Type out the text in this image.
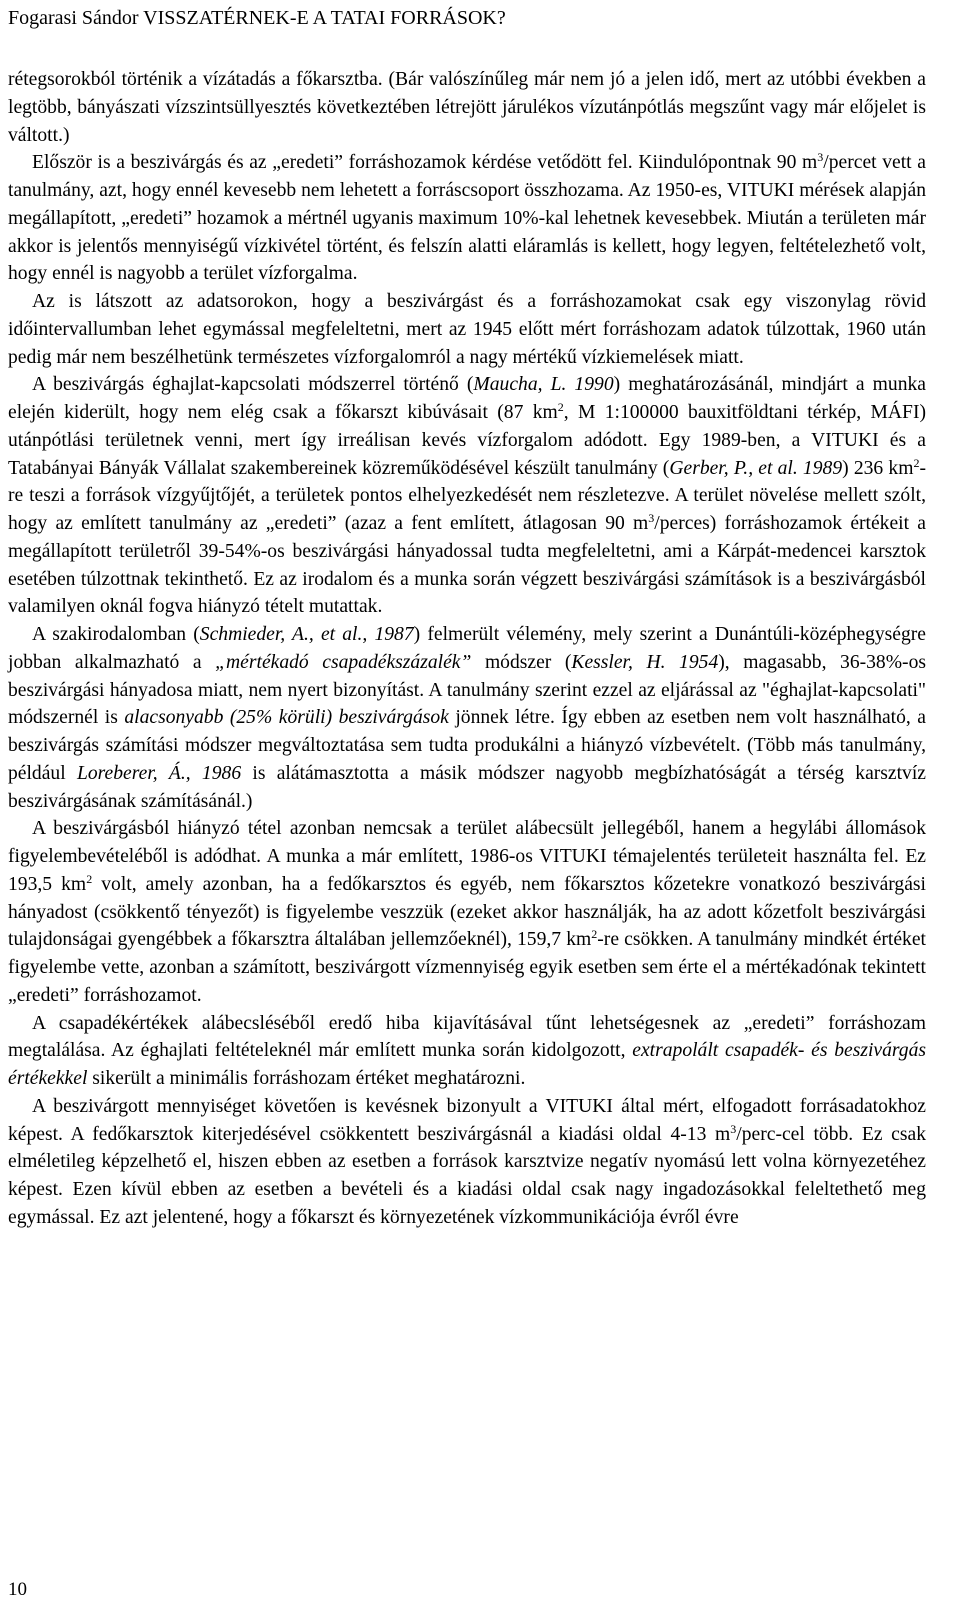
Fogarasi Sándor VISSZATÉRNEK-E A TATAI FORRÁSOK?

rétegsorokból történik a vízátadás a főkarsztba. (Bár valószínűleg már nem jó a jelen idő, mert az utóbbi években a legtöbb, bányászati vízszintsüllyesztés következtében létrejött járulékos vízutánpótlás megszűnt vagy már előjelet is váltott.)

Először is a beszivárgás és az „eredeti” forráshozamok kérdése vetődött fel. Kiindulópontnak 90 $m^3$/percet vett a tanulmány, azt, hogy ennél kevesebb nem lehetett a forráscsoport összhozama. Az 1950-es, VITUKI mérések alapján megállapított, „eredeti” hozamok a mértnél ugyanis maximum 10%-kal lehetnek kevesebbek. Miután a területen már akkor is jelentős mennyiségű vízkivétel történt, és felszín alatti eláramlás is kellett, hogy legyen, feltételezhető volt, hogy ennél is nagyobb a terület vízforgalma.

Az is látszott az adatsorokon, hogy a beszivárgást és a forráshozamokat csak egy viszonylag rövid időintervallumban lehet egymással megfeleltetni, mert az 1945 előtt mért forráshozam adatok túlzottak, 1960 után pedig már nem beszélhetünk természetes vízforgalomról a nagy mértékű vízkiemelések miatt.

A beszivárgás éghajlat-kapcsolati módszerrel történő (Maucha, L. 1990) meghatározásánál, mindjárt a munka elején kiderült, hogy nem elég csak a főkarszt kibúvásait (87 $km^2$, M 1:100000 bauxitföldtani térkép, MÁFI) utánpótlási területnek venni, mert így irreálisan kevés vízforgalom adódott. Egy 1989-ben, a VITUKI és a Tatabányai Bányák Vállalat szakembereinek közreműködésével készült tanulmány (Gerber, P., et al. 1989) 236 $km^2-re$ teszi a források vízgyűjtőjét, a területek pontos elhelyezkedését nem részletezve. A terület növelése mellett szólt, hogy az említett tanulmány az „eredeti” (azaz a fent említett, átlagosan 90 $m^3/perces$) forráshozamok értékeit a megállapított területről 39-54%-os beszivárgási hányadossal tudta megfeleltetni, ami a Kárpát-medencei karsztok esetében túlzottnak tekinthető. Ez az irodalom és a munka során végzett beszivárgási számítások is a beszivárgásból valamilyen oknál fogva hiányzó tételt mutattak.

A szakirodalomban (Schmieder, A., et al., 1987) felmerült vélemény, mely szerint a Dunántúli-középhegységre jobban alkalmazható a „mértékadó csapadékszázalék” módszer (Kessler, H. 1954), magasabb, 36-38%-os beszivárgási hányadosa miatt, nem nyert bizonyítást. A tanulmány szerint ezzel az eljárással az "éghajlat-kapcsolati" módszernél is alacsonyabb (25% körüli) beszivárgások jönnek létre. Így ebben az esetben nem volt használható, a beszivárgás számítási módszer megváltoztatása sem tudta produkálni a hiányzó vízbevételt. (Több más tanulmány, például Loreberer, Á., 1986 is alátámasztotta a másik módszer nagyobb megbízhatóságát a térség karsztvíz beszivárgásának számításánál.)

A beszivárgásból hiányzó tétel azonban nemcsak a terület alábecsült jellegéből, hanem a hegylábi állomások figyelembevételéből is adódhat. A munka a már említett, 1986-os VITUKI témajelentés területeit használta fel. Ez 193,5 $km^2$ volt, amely azonban, ha a fedőkarsztos és egyéb, nem főkarsztos kőzetekre vonatkozó beszivárgási hányadost (csökkentő tényezőt) is figyelembe veszzük (ezeket akkor használják, ha az adott kőzetfolt beszivárgási tulajdonságai gyengébbek a főkarsztra általában jellemzőeknél), 159,7 $km^2-re$ csökken. A tanulmány mindkét értéket figyelembe vette, azonban a számított, beszivárgott vízmennyiség egyik esetben sem érte el a mértékadónak tekintett „eredeti” forráshozamot.

A csapadékértékek alábecsléséből eredő hiba kijavításával tűnt lehetségesnek az „eredeti” forráshozam megtalálása. Az éghajlati feltételeknél már említett munka során kidolgozott, extrapolált csapadék- és beszivárgás értékekkel sikerült a minimális forráshozam értéket meghatározni.

A beszivárgott mennyiséget követően is kevésnek bizonyult a VITUKI által mért, elfogadott forrásadatokhoz képest. A fedőkarsztok kiterjedésével csökkentett beszivárgásnál a kiadási oldal 4-13 $m^3/perc$-cel több. Ez csak elméletileg képzelhető el, hiszen ebben az esetben a források karsztvize negatív nyomású lett volna környezetéhez képest. Ezen kívül ebben az esetben a bevételi és a kiadási oldal csak nagy ingadozásokkal feleltethető meg egymással. Ez azt jelentené, hogy a főkarszt és környezetének vízkommunikációja évről évre

10
